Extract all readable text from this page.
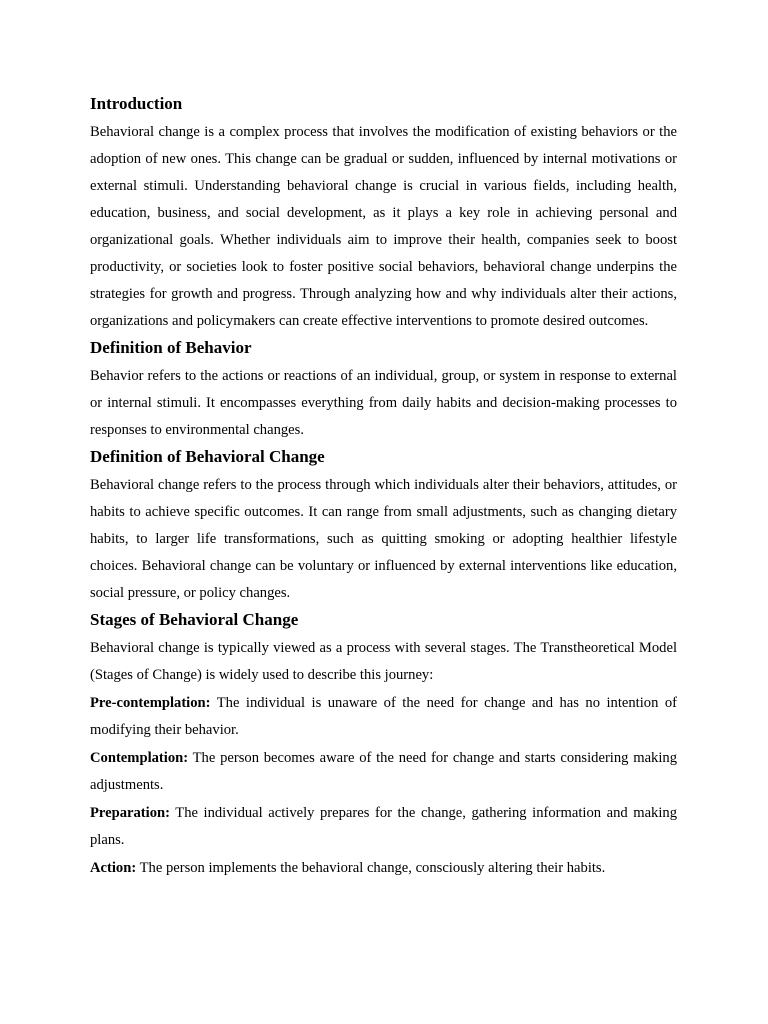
Introduction

Behavioral change is a complex process that involves the modification of existing behaviors or the adoption of new ones. This change can be gradual or sudden, influenced by internal motivations or external stimuli. Understanding behavioral change is crucial in various fields, including health, education, business, and social development, as it plays a key role in achieving personal and organizational goals. Whether individuals aim to improve their health, companies seek to boost productivity, or societies look to foster positive social behaviors, behavioral change underpins the strategies for growth and progress. Through analyzing how and why individuals alter their actions, organizations and policymakers can create effective interventions to promote desired outcomes.

Definition of Behavior

Behavior refers to the actions or reactions of an individual, group, or system in response to external or internal stimuli. It encompasses everything from daily habits and decision-making processes to responses to environmental changes.

Definition of Behavioral Change

Behavioral change refers to the process through which individuals alter their behaviors, attitudes, or habits to achieve specific outcomes. It can range from small adjustments, such as changing dietary habits, to larger life transformations, such as quitting smoking or adopting healthier lifestyle choices. Behavioral change can be voluntary or influenced by external interventions like education, social pressure, or policy changes.

Stages of Behavioral Change

Behavioral change is typically viewed as a process with several stages. The Transtheoretical Model (Stages of Change) is widely used to describe this journey:

Pre-contemplation: The individual is unaware of the need for change and has no intention of modifying their behavior.

Contemplation: The person becomes aware of the need for change and starts considering making adjustments.

Preparation: The individual actively prepares for the change, gathering information and making plans.

Action: The person implements the behavioral change, consciously altering their habits.
